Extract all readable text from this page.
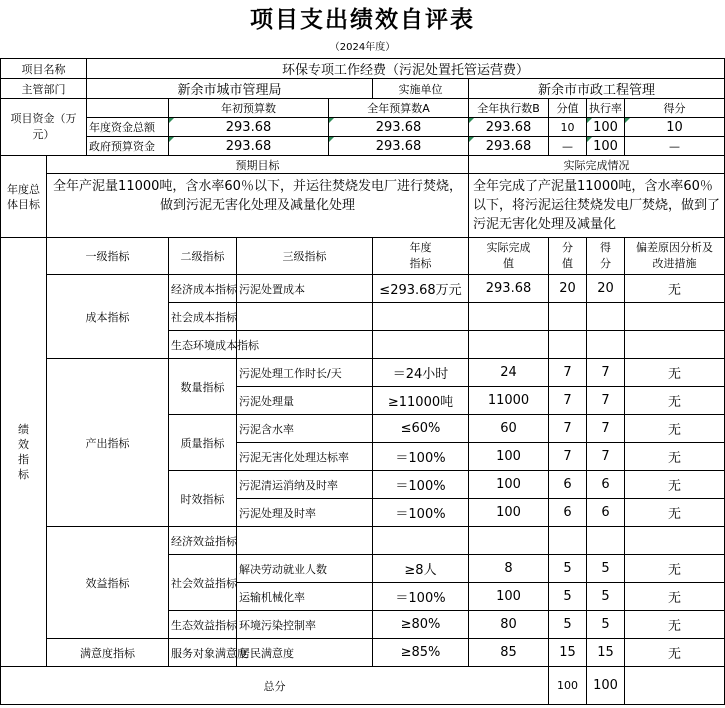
项目支出绩效自评表
（2024年度）
项目名称		环保专项工作经费（污泥处置托管运营费）								
主管部门		新余市城市管理局				实施单位	新余市市政工程管理			
项目资金（万元）			年初预算数		全年预算数A		全年执行数B	分值	执行率	得分
		年度资金总额	293.68		293.68		293.68	10	100	10
		政府预算资金	293.68		293.68		293.68	—	100	—
年度总体目标	预期目标						实际完成情况			
	全年产泥量11000吨，含水率60％以下，并运往焚烧发电厂进行焚烧，做到污泥无害化处理及减量化处理						全年完成了产泥量11000吨，含水率60％以下，将污泥运往焚烧发电厂焚烧，做到了污泥无害化处理及减量化			
绩效指标	一级指标		二级指标	三级指标		年度指标	实际完成值	分值	得分	偏差原因分析及改进措施
	成本指标		经济成本指标	污泥处置成本		≤293.68万元	293.68	20	20	无
			社会成本指标							
			生态环境成本指标							
	产出指标		数量指标	污泥处理工作时长/天		＝24小时	24	7	7	无
				污泥处理量		≥11000吨	11000	7	7	无
			质量指标	污泥含水率		≤60%	60	7	7	无
				污泥无害化处理达标率		＝100%	100	7	7	无
			时效指标	污泥清运消纳及时率		＝100%	100	6	6	无
				污泥处理及时率		＝100%	100	6	6	无
	效益指标		经济效益指标							
			社会效益指标	解决劳动就业人数		≥8人	8	5	5	无
				运输机械化率		＝100%	100	5	5	无
			生态效益指标	环境污染控制率		≥80%	80	5	5	无
	满意度指标		服务对象满意度	居民满意度		≥85%	85	15	15	无
总分								100	100	
